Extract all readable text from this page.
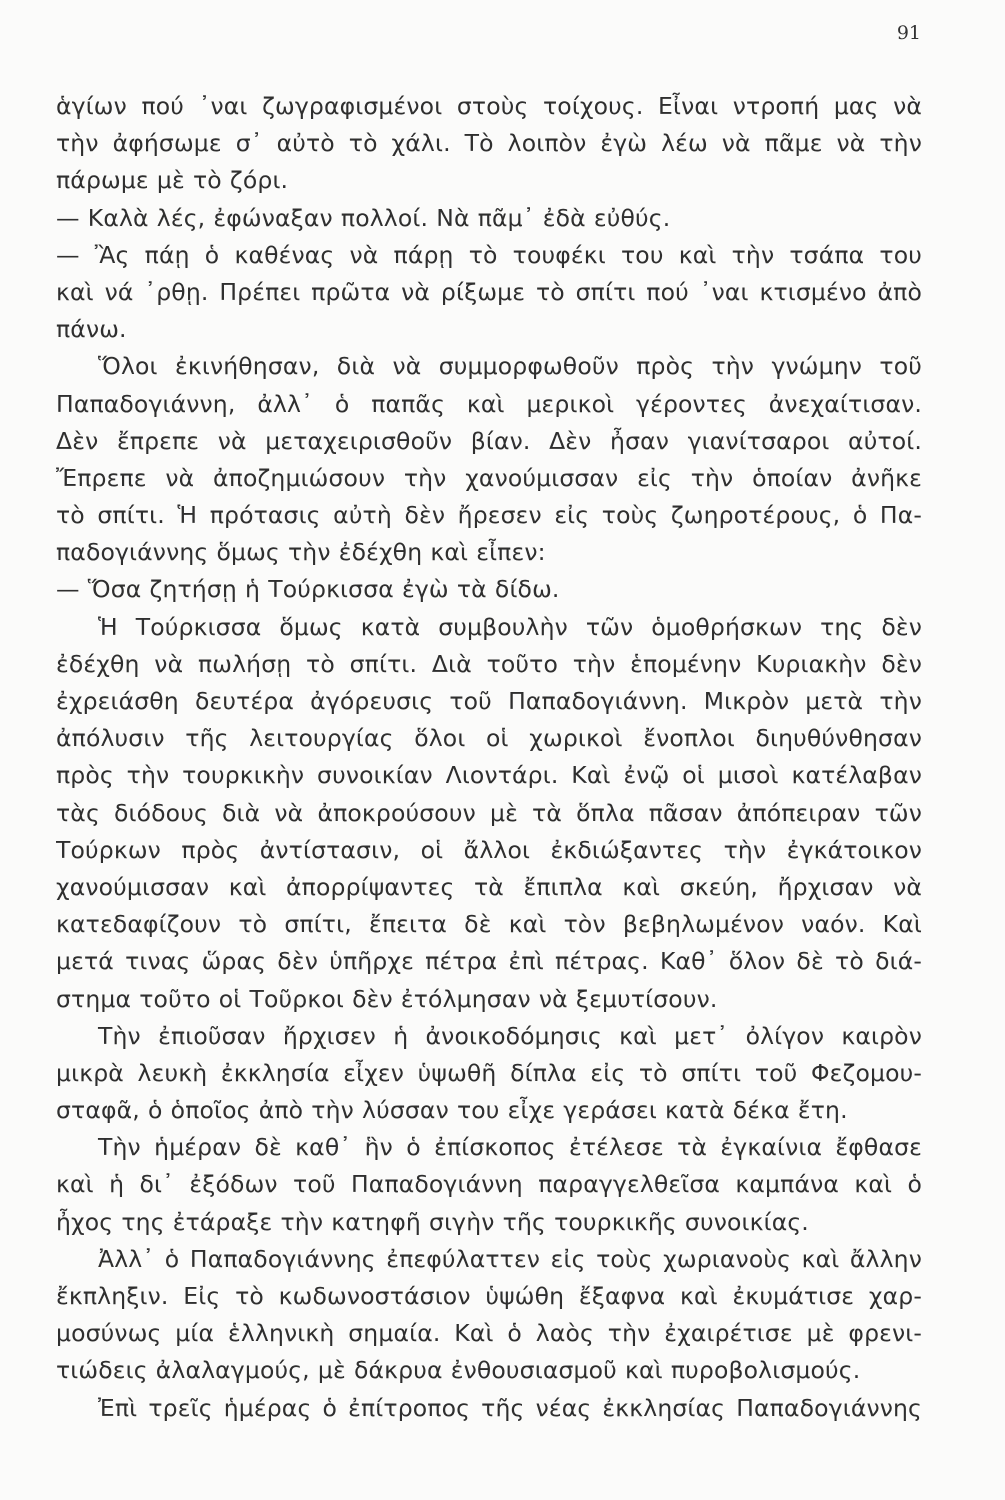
91
ἁγίων πού ᾿ναι ζωγραφισμένοι στοὺς τοίχους. Εἶναι ντροπή μας νὰ
τὴν ἀφήσωμε σ᾿ αὐτὸ τὸ χάλι. Τὸ λοιπὸν ἐγὼ λέω νὰ πᾶμε νὰ τὴν
πάρωμε μὲ τὸ ζόρι.
— Καλὰ λές, ἐφώναξαν πολλοί. Νὰ πᾶμ᾿ ἐδὰ εὐθύς.
— Ἂς πάῃ ὁ καθένας νὰ πάρῃ τὸ τουφέκι του καὶ τὴν τσάπα του
καὶ νά ᾿ρθῃ. Πρέπει πρῶτα νὰ ρίξωμε τὸ σπίτι πού ᾿ναι κτισμένο ἀπὸ
πάνω.
Ὅλοι ἐκινήθησαν, διὰ νὰ συμμορφωθοῦν πρὸς τὴν γνώμην τοῦ
Παπαδογιάννη, ἀλλ᾿ ὁ παπᾶς καὶ μερικοὶ γέροντες ἀνεχαίτισαν.
Δὲν ἔπρεπε νὰ μεταχειρισθοῦν βίαν. Δὲν ἦσαν γιανίτσαροι αὐτοί.
Ἔπρεπε νὰ ἀποζημιώσουν τὴν χανούμισσαν εἰς τὴν ὁποίαν ἀνῆκε
τὸ σπίτι. Ἡ πρότασις αὐτὴ δὲν ἤρεσεν εἰς τοὺς ζωηροτέρους, ὁ Πα-
παδογιάννης ὅμως τὴν ἐδέχθη καὶ εἶπεν:
— Ὅσα ζητήσῃ ἡ Τούρκισσα ἐγὼ τὰ δίδω.
Ἡ Τούρκισσα ὅμως κατὰ συμβουλὴν τῶν ὁμοθρήσκων της δὲν
ἐδέχθη νὰ πωλήσῃ τὸ σπίτι. Διὰ τοῦτο τὴν ἑπομένην Κυριακὴν δὲν
ἐχρειάσθη δευτέρα ἀγόρευσις τοῦ Παπαδογιάννη. Μικρὸν μετὰ τὴν
ἀπόλυσιν τῆς λειτουργίας ὅλοι οἱ χωρικοὶ ἔνοπλοι διηυθύνθησαν
πρὸς τὴν τουρκικὴν συνοικίαν Λιοντάρι. Καὶ ἐνῷ οἱ μισοὶ κατέλαβαν
τὰς διόδους διὰ νὰ ἀποκρούσουν μὲ τὰ ὅπλα πᾶσαν ἀπόπειραν τῶν
Τούρκων πρὸς ἀντίστασιν, οἱ ἄλλοι ἐκδιώξαντες τὴν ἐγκάτοικον
χανούμισσαν καὶ ἀπορρίψαντες τὰ ἔπιπλα καὶ σκεύη, ἤρχισαν νὰ
κατεδαφίζουν τὸ σπίτι, ἔπειτα δὲ καὶ τὸν βεβηλωμένον ναόν. Καὶ
μετά τινας ὥρας δὲν ὑπῆρχε πέτρα ἐπὶ πέτρας. Καθ᾿ ὅλον δὲ τὸ διά-
στημα τοῦτο οἱ Τοῦρκοι δὲν ἐτόλμησαν νὰ ξεμυτίσουν.
Τὴν ἐπιοῦσαν ἤρχισεν ἡ ἀνοικοδόμησις καὶ μετ᾿ ὀλίγον καιρὸν
μικρὰ λευκὴ ἐκκλησία εἶχεν ὑψωθῆ δίπλα εἰς τὸ σπίτι τοῦ Φεζομου-
σταφᾶ, ὁ ὁποῖος ἀπὸ τὴν λύσσαν του εἶχε γεράσει κατὰ δέκα ἔτη.
Τὴν ἡμέραν δὲ καθ᾿ ἣν ὁ ἐπίσκοπος ἐτέλεσε τὰ ἐγκαίνια ἔφθασε
καὶ ἡ δι᾿ ἐξόδων τοῦ Παπαδογιάννη παραγγελθεῖσα καμπάνα καὶ ὁ
ἦχος της ἐτάραξε τὴν κατηφῆ σιγὴν τῆς τουρκικῆς συνοικίας.
Ἀλλ᾿ ὁ Παπαδογιάννης ἐπεφύλαττεν εἰς τοὺς χωριανοὺς καὶ ἄλλην
ἔκπληξιν. Εἰς τὸ κωδωνοστάσιον ὑψώθη ἔξαφνα καὶ ἐκυμάτισε χαρ-
μοσύνως μία ἑλληνικὴ σημαία. Καὶ ὁ λαὸς τὴν ἐχαιρέτισε μὲ φρενι-
τιώδεις ἀλαλαγμούς, μὲ δάκρυα ἐνθουσιασμοῦ καὶ πυροβολισμούς.
Ἐπὶ τρεῖς ἡμέρας ὁ ἐπίτροπος τῆς νέας ἐκκλησίας Παπαδογιάννης
